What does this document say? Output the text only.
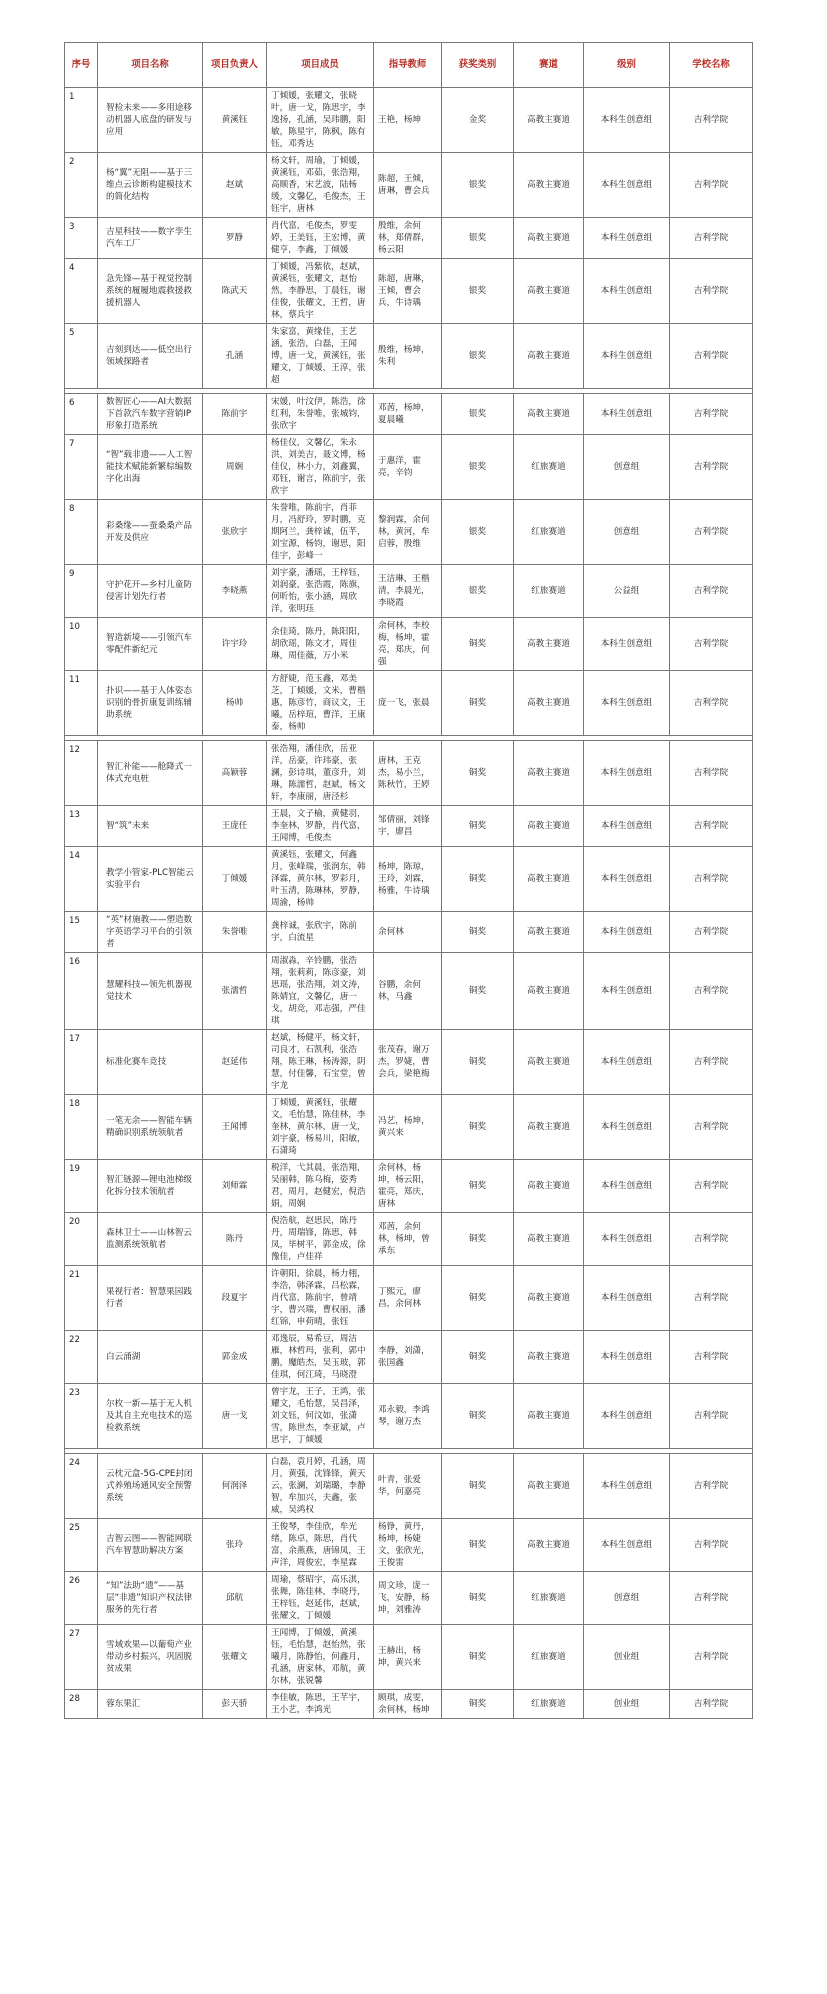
序号	项目名称	项目负责人	项目成员	指导教师	获奖类别	赛道	级别	学校名称
1	智检未来——多用途移动机器人底盘的研发与应用	黄溪钰	丁倾媛，张耀文，张晓叶，唐一戈，陈思宇，李逸扬，孔涵，吴玮鹏，阳敏，陈星宇，陈枫，陈有钰，邓秀达	王艳，杨坤	金奖	高教主赛道	本科生创意组	吉利学院
2	杨“翼”无阻——基于三维点云诊断构建模技术的简化结构	赵斌	杨文轩，周瑜，丁倾媛，黄溪钰，邓茹，张浩翔，高顺香，宋艺波，陆杨缓，文馨亿，毛俊杰，王钰宇，唐林	陈超，王倾，唐琳，曹会兵	银奖	高教主赛道	本科生创意组	吉利学院
3	吉星科技——数字孪生汽车工厂	罗静	肖代富，毛俊杰，罗雯婷，王美钰，王宏博，黄健亨，李鑫，丁倾媛	殷维，余何林，郑倩群，杨云阳	银奖	高教主赛道	本科生创意组	吉利学院
4	急先锋—基于视觉控制系统的履履地震救援救援机器人	陈武天	丁倾媛，冯紫依，赵斌，黄溪钰，张耀文，赵怡然，李静思，丁晨钰，谢佳俊，张耀文，王哲，唐林，蔡兵宇	陈超，唐琳，王倾，曹会兵，牛诗瑀	银奖	高教主赛道	本科生创意组	吉利学院
5	吉刻到达——低空出行领域探路者	孔涵	朱家富，黄缘佳，王艺涵，张浩，白磊，王闻博，唐一戈，黄溪钰，张耀文，丁倾媛，王淳，张超	殷维，杨坤，朱利	银奖	高教主赛道	本科生创意组	吉利学院

6	数智匠心——AI大数据下首款汽车数字营销IP形象打造系统	陈前宇	宋媛，叶汶伊，陈浩，徐红利，朱誉唯，张城钧，张欣宇	邓茜，杨坤，夏晨曦	银奖	高教主赛道	本科生创意组	吉利学院
7	“智”载非遗——人工智能技术赋能新繁棕编数字化出海	周娴	杨佳仪，文馨亿，朱永洪，刘美吉，聂文博，杨佳仪，林小力，刘鑫翼，邓钰，谢言，陈前宇，张欣宇	于惠洋，霍亮，辛钧	银奖	红旅赛道	创意组	吉利学院
8	彩桑缘——蚕桑桑产品开发及供应	张欣宇	朱誉唯，陈前宇，肖菲月，冯舒玲，罗时鹏，克期阿兰，龚梓诚，伍芊，刘宝源，杨钧，谢思，阳佳宇，彭峰一	黎润霖，余何林，黄河，牟启蓉，殷维	银奖	红旅赛道	创意组	吉利学院
9	守护花开—乡村儿童防侵害计划先行者	李晓燕	刘宇豪，潘瑶，王梓钰，刘润豪，张浩霞，陈旗，何昕怡，张小涵，周欣洋，张明珏	王洁琳，王楷清，李晨光，李晓霞	银奖	红旅赛道	公益组	吉利学院
10	智造新境——引领汽车零配件新纪元	许宇玲	余佳琦，陈丹，陈阳阳，胡欣瑶，陈文才，周佳琳，周佳薇，万小米	余何林，李校梅，杨坤，霍亮，郑庆，何强	铜奖	高教主赛道	本科生创意组	吉利学院
11	扑识——基于人体姿态识别的骨折康复训练辅助系统	杨帅	方舒婕，范玉鑫，邓美芝，丁倾媛，文米，曹楷惠，陈彦竹，商议文，王曦，岳梓瑄，曹洋，王康泰，杨帅	庞一飞，张晨	铜奖	高教主赛道	本科生创意组	吉利学院

12	智汇补能——舱降式一体式充电桩	高颖蓉	张浩翔，潘佳欣，岳亚洋，岳豪，许玮豪，张澜，彭诗琪，董彦升，刘琳，陈濡哲，赵斌，杨文轩，李康丽，唐泾杉	唐林，王克杰，易小兰，陈秋竹，王婷	铜奖	高教主赛道	本科生创意组	吉利学院
13	智“筑”未来	王庞任	王晨，文子榆，黄健羽，李奎林，罗静，肖代富，王闻博，毛俊杰	邹倩丽，刘锋宇，廖昌	铜奖	高教主赛道	本科生创意组	吉利学院
14	教学小管家-PLC智能云实验平台	丁倾媛	黄溪钰，张耀文，何鑫月，张峰瑞，张润东，韩泽霖，黄尔林，罗彩月，叶玉清，陈琳林，罗静，周渝，杨帅	杨坤，陈琼，王玲，刘霖，杨雅，牛诗瑀	铜奖	高教主赛道	本科生创意组	吉利学院
15	“英”材施教——塑造数字英语学习平台的引领者	朱誉唯	龚梓诚，张欣宇，陈前宇，白流星	余何林	铜奖	高教主赛道	本科生创意组	吉利学院
16	慧耀科技—领先机器视觉技术	张濡哲	周淑淼，辛铃鹏，张浩翔，张莉莉，陈彦豪，刘思瑶，张浩翔，刘文涛，陈婧宜，文馨亿，唐一戈，胡竞，邓志强，严佳琪	谷鹏，余何林，马鑫	铜奖	高教主赛道	本科生创意组	吉利学院
17	标准化赛车竞技	赵延伟	赵斌，杨健平，杨文轩，司良才，石凯利，张浩翔，陈王琳，杨涛源，阴慧，付佳馨，石宝堂，曾宇龙	张茂春，谢万杰，罗婕，曹会兵，梁艳梅	铜奖	高教主赛道	本科生创意组	吉利学院
18	一笔无余——智能车辆精确识别系统领航者	王闻博	丁倾媛，黄溪钰，张耀文，毛怡慧，陈佳林，李奎林，黄尔林，唐一戈，刘宇豪，杨易川，阳敏，石潇琦	冯艺，杨坤，黄兴来	铜奖	高教主赛道	本科生创意组	吉利学院
19	智汇链源—锂电池梯级化拆分技术领航者	刘师霖	税洋，弋其晨，张浩翔，吴丽韩，陈乌梅，姿秀君，周月，赵健宏，倪浩娟，周娴	余何林，杨坤，杨云阳，霍亮，郑庆，唐林	铜奖	高教主赛道	本科生创意组	吉利学院
20	森林卫士——山林智云监测系统领航者	陈丹	倪浩航，赵思民，陈丹丹，周瑞锋，陈思，韩凤，毕树平，郭金成，徐豫佳，卢佳祥	邓茜，余何林，杨坤，曾承东	铜奖	高教主赛道	本科生创意组	吉利学院
21	果视行者：智慧果园践行者	段夏宇	许朝阳，徐晨，杨力栩，李浩，韩泽霖，吕松霖，肖代富，陈前宇，曾靖宇，曹兴瑞，曹权丽，潘红锦，申荷晴，张钰	丁熙元，廖昌，余何林	铜奖	高教主赛道	本科生创意组	吉利学院
22	白云涌湖	郭金成	邓逸辰，易希豆，周洁雁，林哲玛，张利，郭中鹏，魔皓杰，吴玉玻，郭佳琪，何江琦，马晓澄	李静，刘潇，张国鑫	铜奖	高教主赛道	本科生创意组	吉利学院
23	尔枚一新—基于无人机及其自主充电技术的巡检救系统	唐一戈	曾宇龙，王子，王鸿，张耀文，毛怡慧，吴昌泽，刘文钰，何汶如，张潇雪，陈世杰，李亚斌，卢思宇，丁倾媛	邓永毅，李鸿琴，谢万杰	铜奖	高教主赛道	本科生创意组	吉利学院

24	云枕元盒-5G-CPE封闭式养殖场通风安全预警系统	何润泽	白磊，袁月婷，孔涵，周月，黄强，沈锋锋，黄天云，张澜，刘瑞璐，李静智，牟加兴，夫鑫，张威，吴鸿权	叶青，张爱华，何嘉亮	铜奖	高教主赛道	本科生创意组	吉利学院
25	吉智云图——智能网联汽车智慧助解决方案	张玲	王俊琴，李佳欣，牟光绪，陈卓，陈思，肖代富，余燕燕，唐锦凤，王声洋，周俊宏，李星霖	杨铮，黄丹，杨坤，杨婕文，张欣光，王俊雷	铜奖	高教主赛道	本科生创意组	吉利学院
26	“知”法助“遗”——基层“非遗”知识产权法律服务的先行者	邱航	周瑜，蔡昭宇，高乐淇，张舞，陈佳林，李晓丹，王梓钰，赵延伟，赵斌，张耀文，丁倾媛	周文珍，庞一飞，安静，杨坤，刘雅涛	铜奖	红旅赛道	创意组	吉利学院
27	雪域欢果—以葡萄产业带动乡村振兴，巩固脱贫成果	张耀文	王闻博，丁倾媛，黄溪钰，毛怡慧，赵怡然，张曦月，陈静怡，何鑫月，孔涵，唐家林，邓航，黄尔林，张锐馨	王赫出，杨坤，黄兴来	铜奖	红旅赛道	创业组	吉利学院
28	蓉东果汇	彭天骄	李佳敏，陈思，王芊宇，王小艺，李鸿光	顾琪，成雯，余何林，杨坤	铜奖	红旅赛道	创业组	吉利学院
